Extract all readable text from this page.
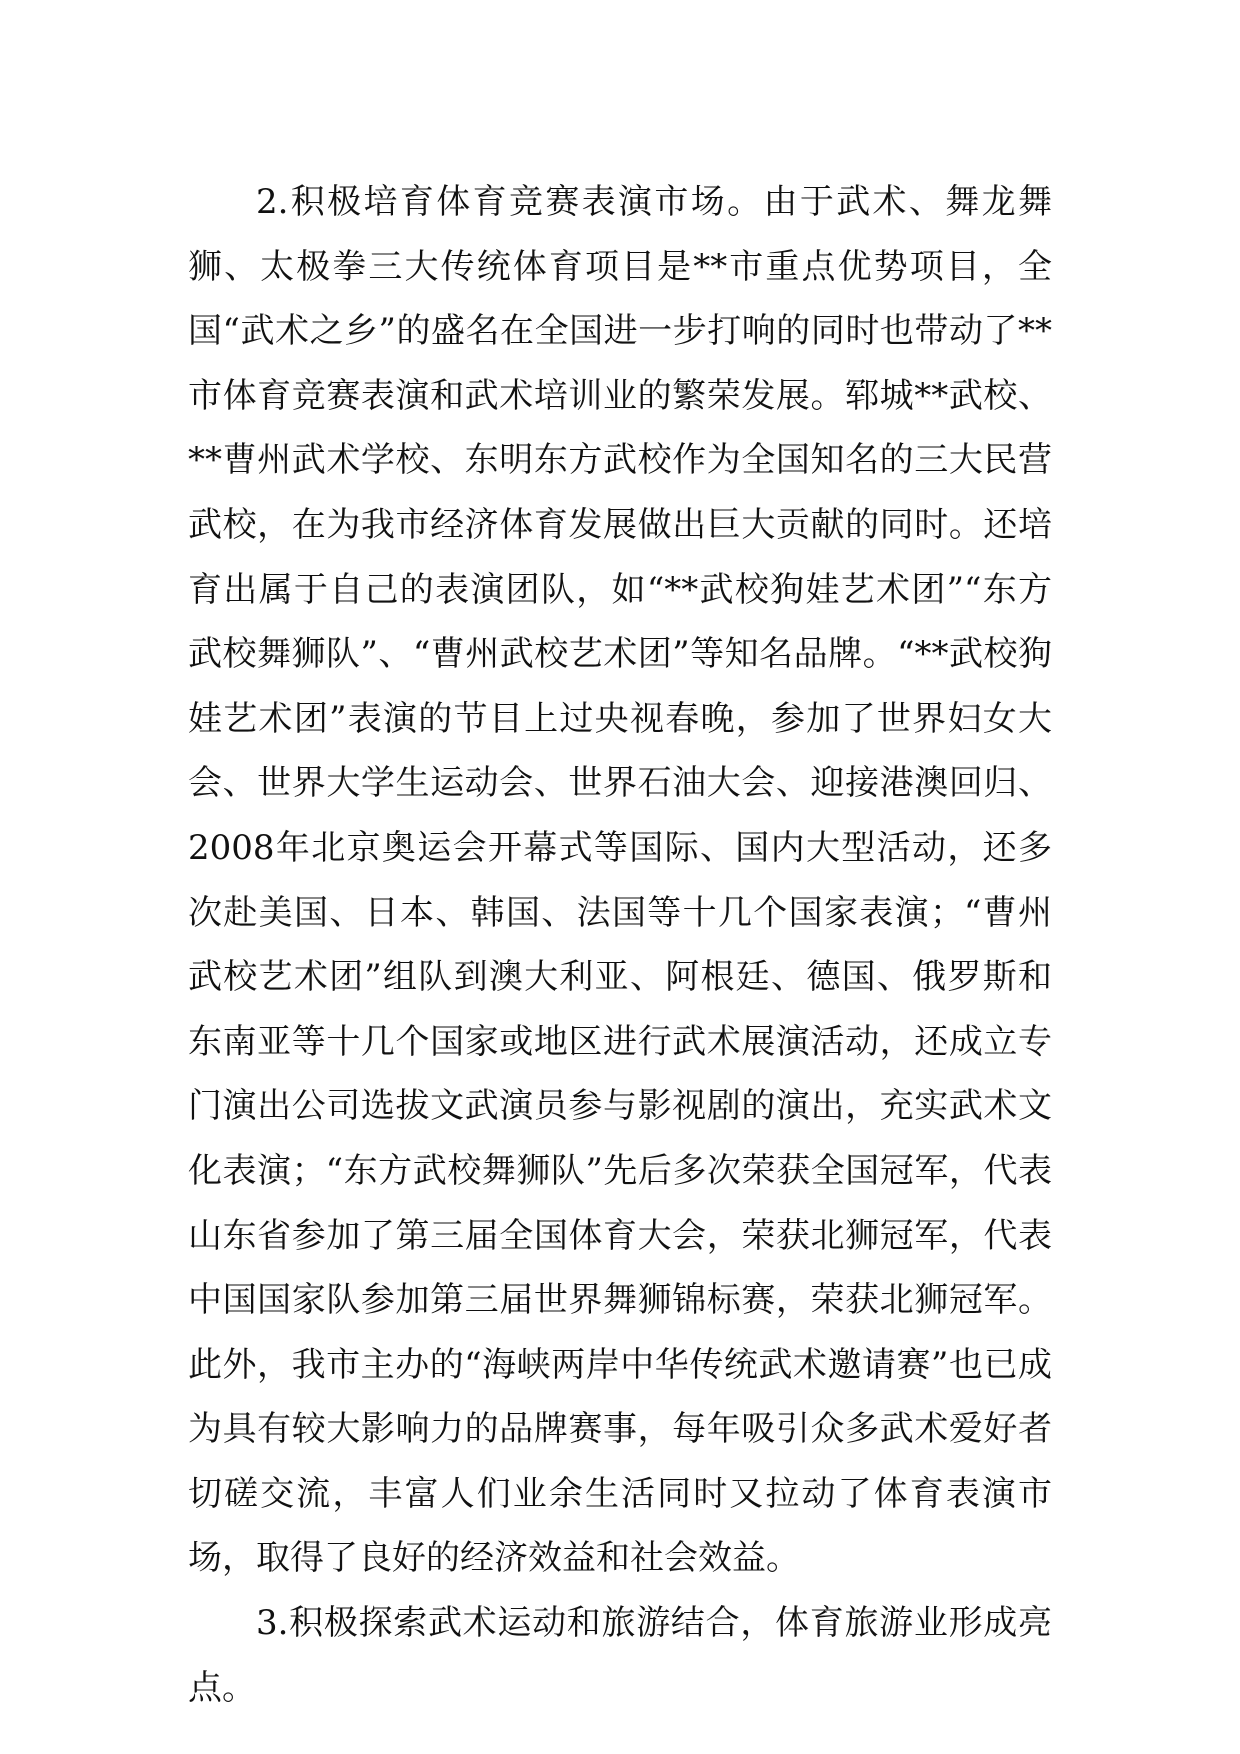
2.积极培育体育竞赛表演市场。由于武术、舞龙舞狮、太极拳三大传统体育项目是**市重点优势项目，全国“武术之乡”的盛名在全国进一步打响的同时也带动了**市体育竞赛表演和武术培训业的繁荣发展。郓城**武校、**曹州武术学校、东明东方武校作为全国知名的三大民营武校，在为我市经济体育发展做出巨大贡献的同时。还培育出属于自己的表演团队，如“**武校狗娃艺术团”“东方武校舞狮队”、“曹州武校艺术团”等知名品牌。“**武校狗娃艺术团”表演的节目上过央视春晚，参加了世界妇女大会、世界大学生运动会、世界石油大会、迎接港澳回归、2008年北京奥运会开幕式等国际、国内大型活动，还多次赴美国、日本、韩国、法国等十几个国家表演；“曹州武校艺术团”组队到澳大利亚、阿根廷、德国、俄罗斯和东南亚等十几个国家或地区进行武术展演活动，还成立专门演出公司选拔文武演员参与影视剧的演出，充实武术文化表演；“东方武校舞狮队”先后多次荣获全国冠军，代表山东省参加了第三届全国体育大会，荣获北狮冠军，代表中国国家队参加第三届世界舞狮锦标赛，荣获北狮冠军。此外，我市主办的“海峡两岸中华传统武术邀请赛”也已成为具有较大影响力的品牌赛事，每年吸引众多武术爱好者切磋交流，丰富人们业余生活同时又拉动了体育表演市场，取得了良好的经济效益和社会效益。

3.积极探索武术运动和旅游结合，体育旅游业形成亮点。
